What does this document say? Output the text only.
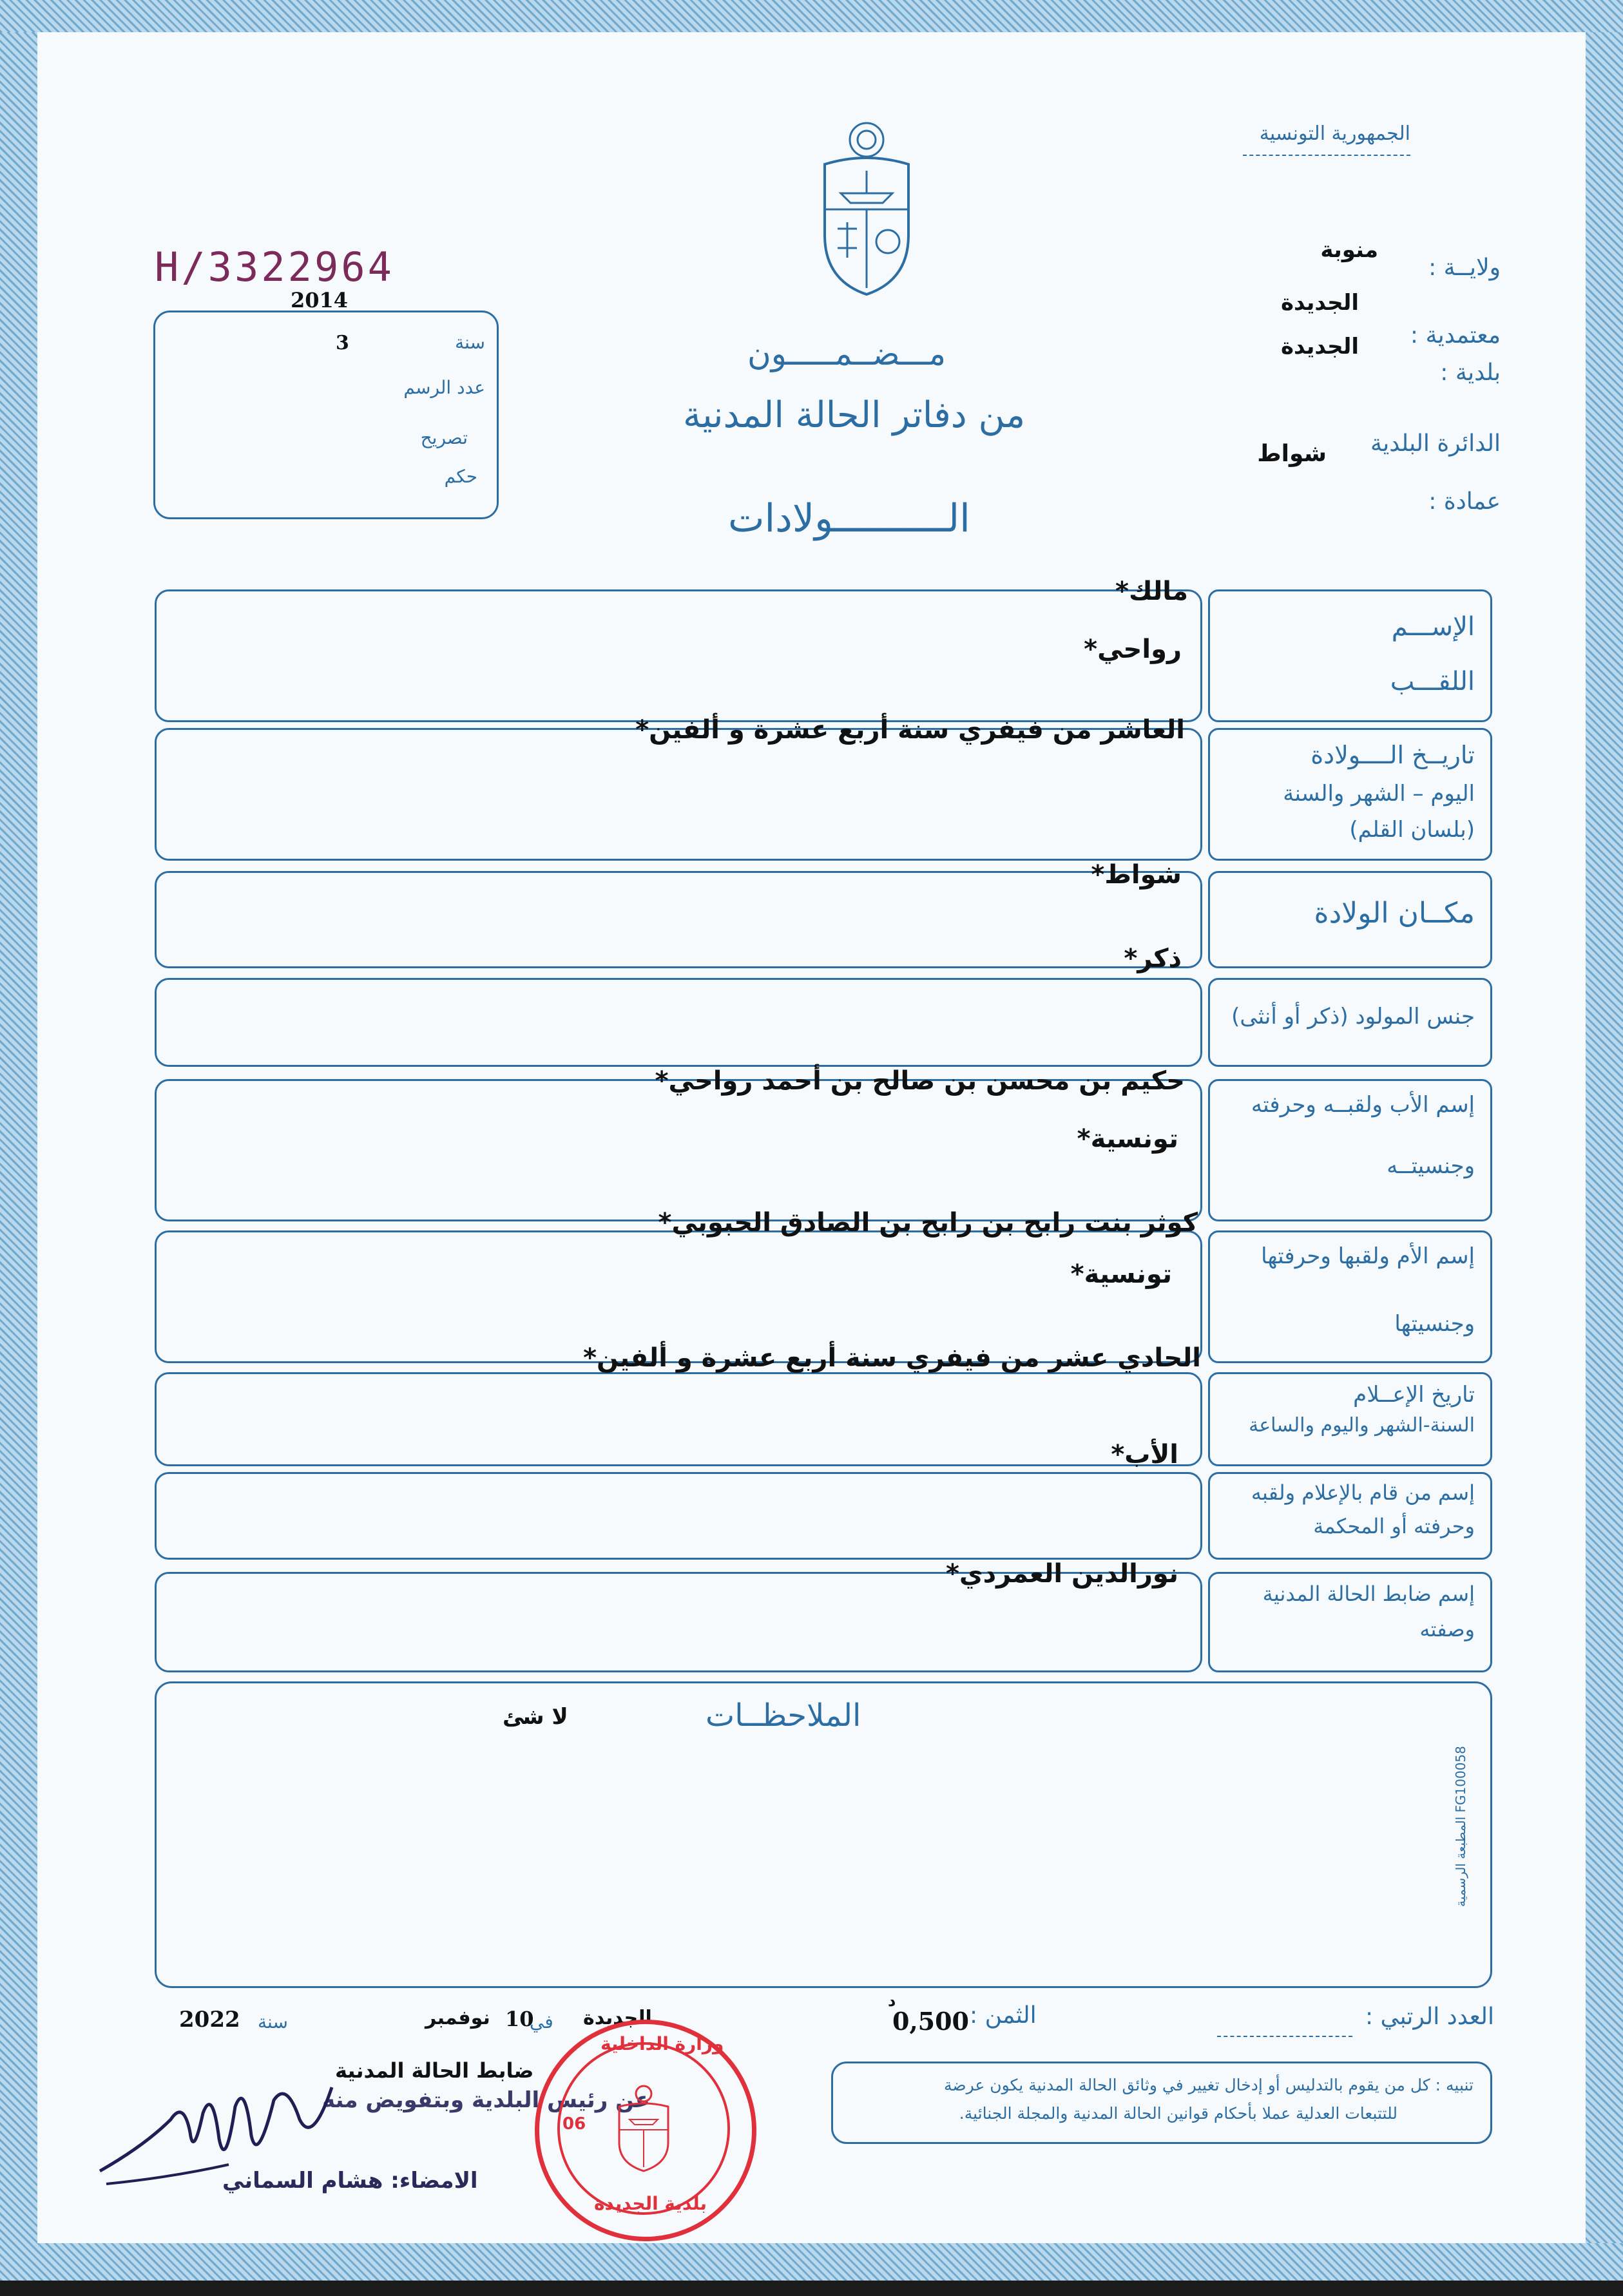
الجمهورية التونسية
ولايــة :
منوبة
الجديدة
معتمدية :
الجديدة
بلدية :
الدائرة البلدية
شواط
عمادة :
H/3322964
2014
سنة
3
عدد الرسم
تصريح
حكم
مـــضــمـــــون
من دفاتر الحالة المدنية
الــــــــــولادات
الإســـم
اللقـــب
مالك*
رواحي*
تاريــخ الــــولادة
اليوم – الشهر والسنة
(بلسان القلم)
العاشر من فيفري سنة أربع عشرة و ألفين*
مكــان الولادة
شواط*
جنس المولود (ذكر أو أنثى)
ذكر*
إسم الأب ولقبــه وحرفته
وجنسيتــه
حكيم بن محسن بن صالح بن أحمد رواحي*
تونسية*
إسم الأم ولقبها وحرفتها
وجنسيتها
كوثر بنت رابح بن رابح بن الصادق الحبوبي*
تونسية*
تاريخ الإعــلام
السنة-الشهر واليوم والساعة
الحادي عشر من فيفري سنة أربع عشرة و ألفين*
إسم من قام بالإعلام ولقبه
وحرفته أو المحكمة
الأب*
إسم ضابط الحالة المدنية
وصفته
نورالدين العمردي*
الملاحظــات
لا شئ
المطبعة الرسمية FG100058
العدد الرتبي :
الثمن :
0,500
د
الجديدة
في
10
نوفمبر
سنة
2022
ضابط الحالة المدنية
عن رئيس البلدية وبتفويض منه
الامضاء: هشام السماني
تنبيه : كل من يقوم بالتدليس أو إدخال تغيير في وثائق الحالة المدنية يكون عرضة
للتتبعات العدلية عملا بأحكام قوانين الحالة المدنية والمجلة الجنائية.
وزارة الداخلية
بلدية الجديدة
06
